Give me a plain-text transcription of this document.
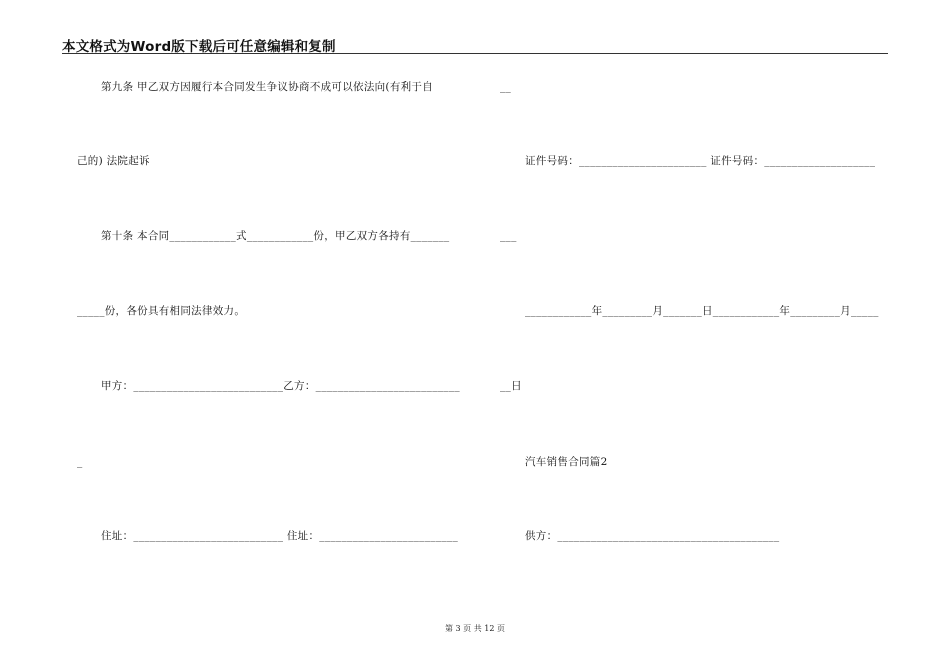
本文格式为Word版下载后可任意编辑和复制
第九条 甲乙双方因履行本合同发生争议协商不成可以依法向(有利于自
己的) 法院起诉
第十条 本合同____________式____________份，甲乙双方各持有_______
_____份，各份具有相同法律效力。
甲方：___________________________乙方：__________________________
_
住址：___________________________ 住址：_________________________
__
证件号码：_______________________ 证件号码：____________________
___
____________年_________月_______日____________年_________月_____
__日
汽车销售合同篇2
供方：________________________________________
第 3 页 共 12 页
